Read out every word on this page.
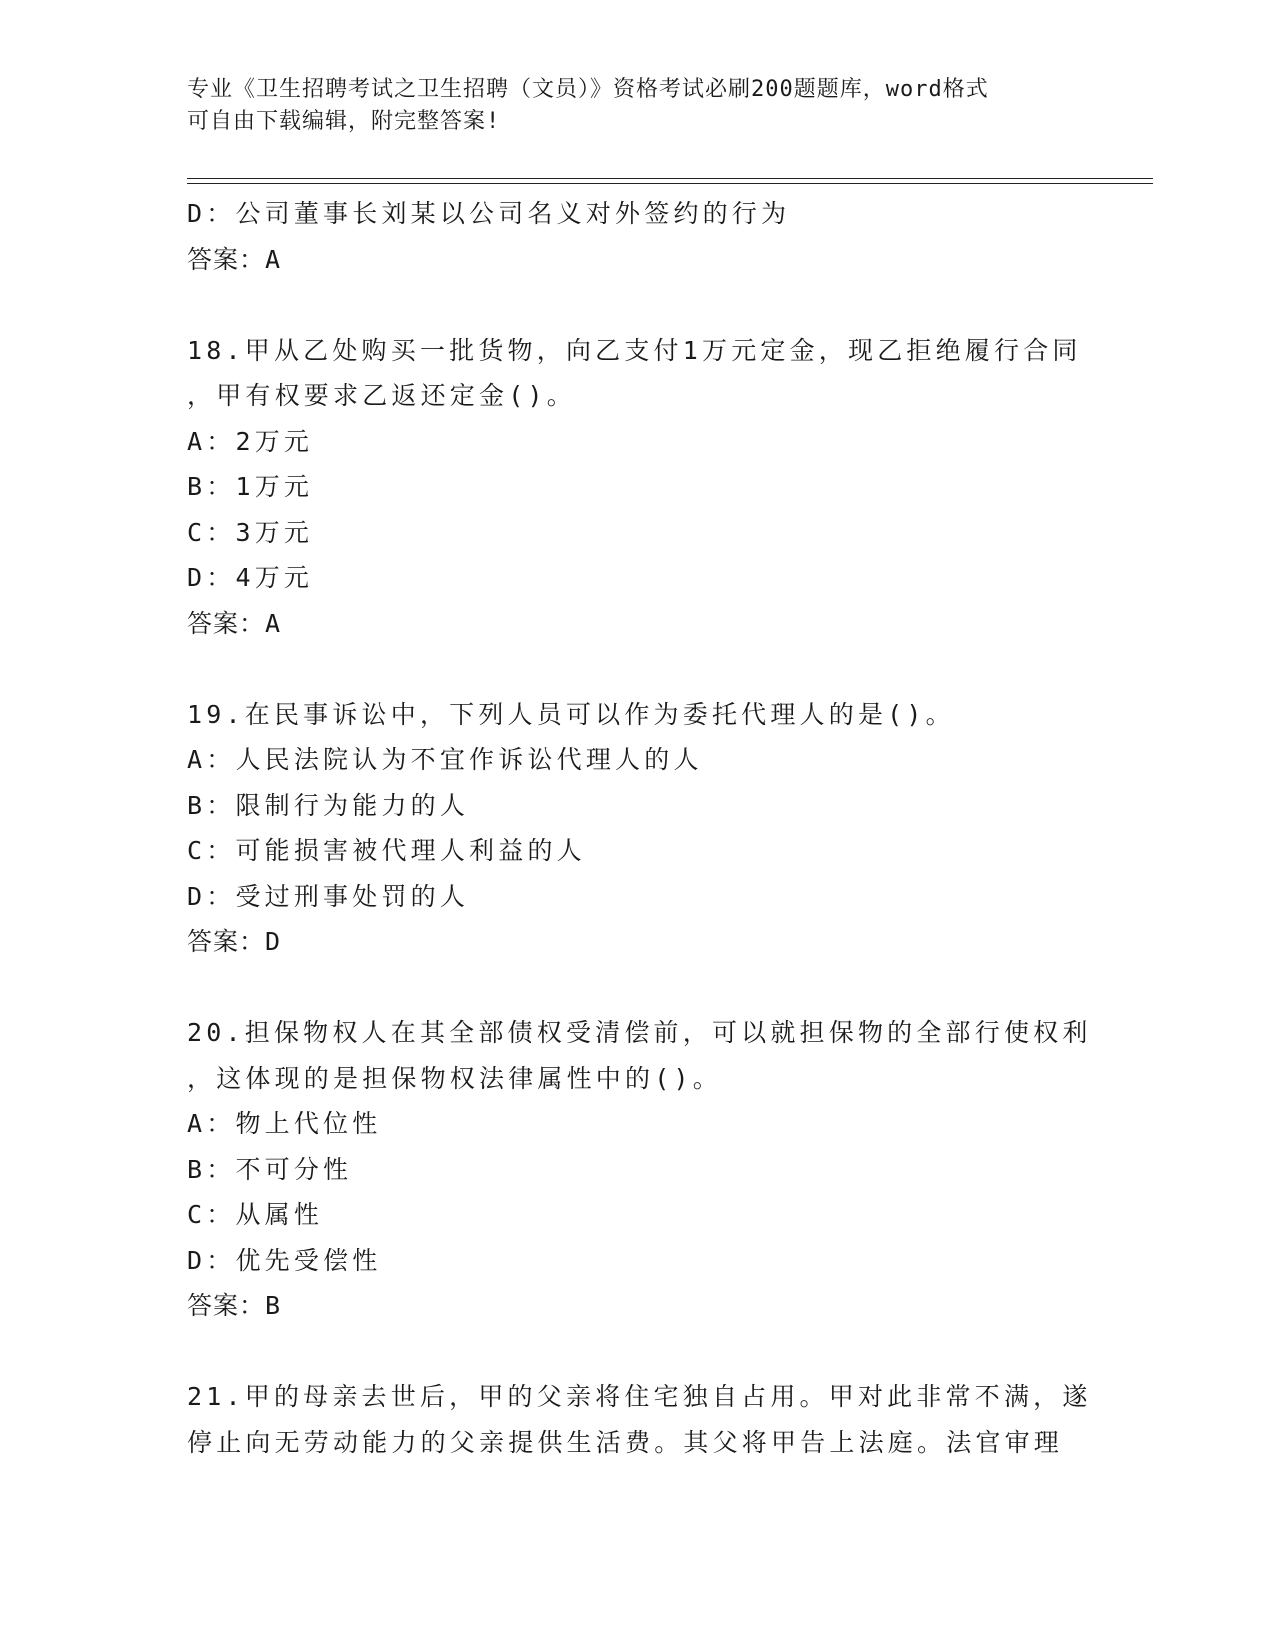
专业《卫生招聘考试之卫生招聘（文员）》资格考试必刷200题题库，word格式
可自由下载编辑，附完整答案!
D：公司董事长刘某以公司名义对外签约的行为
答案：A
18.甲从乙处购买一批货物，向乙支付1万元定金，现乙拒绝履行合同
，甲有权要求乙返还定金()。
A：2万元
B：1万元
C：3万元
D：4万元
答案：A
19.在民事诉讼中，下列人员可以作为委托代理人的是()。
A：人民法院认为不宜作诉讼代理人的人
B：限制行为能力的人
C：可能损害被代理人利益的人
D：受过刑事处罚的人
答案：D
20.担保物权人在其全部债权受清偿前，可以就担保物的全部行使权利
，这体现的是担保物权法律属性中的()。
A：物上代位性
B：不可分性
C：从属性
D：优先受偿性
答案：B
21.甲的母亲去世后，甲的父亲将住宅独自占用。甲对此非常不满，遂
停止向无劳动能力的父亲提供生活费。其父将甲告上法庭。法官审理
